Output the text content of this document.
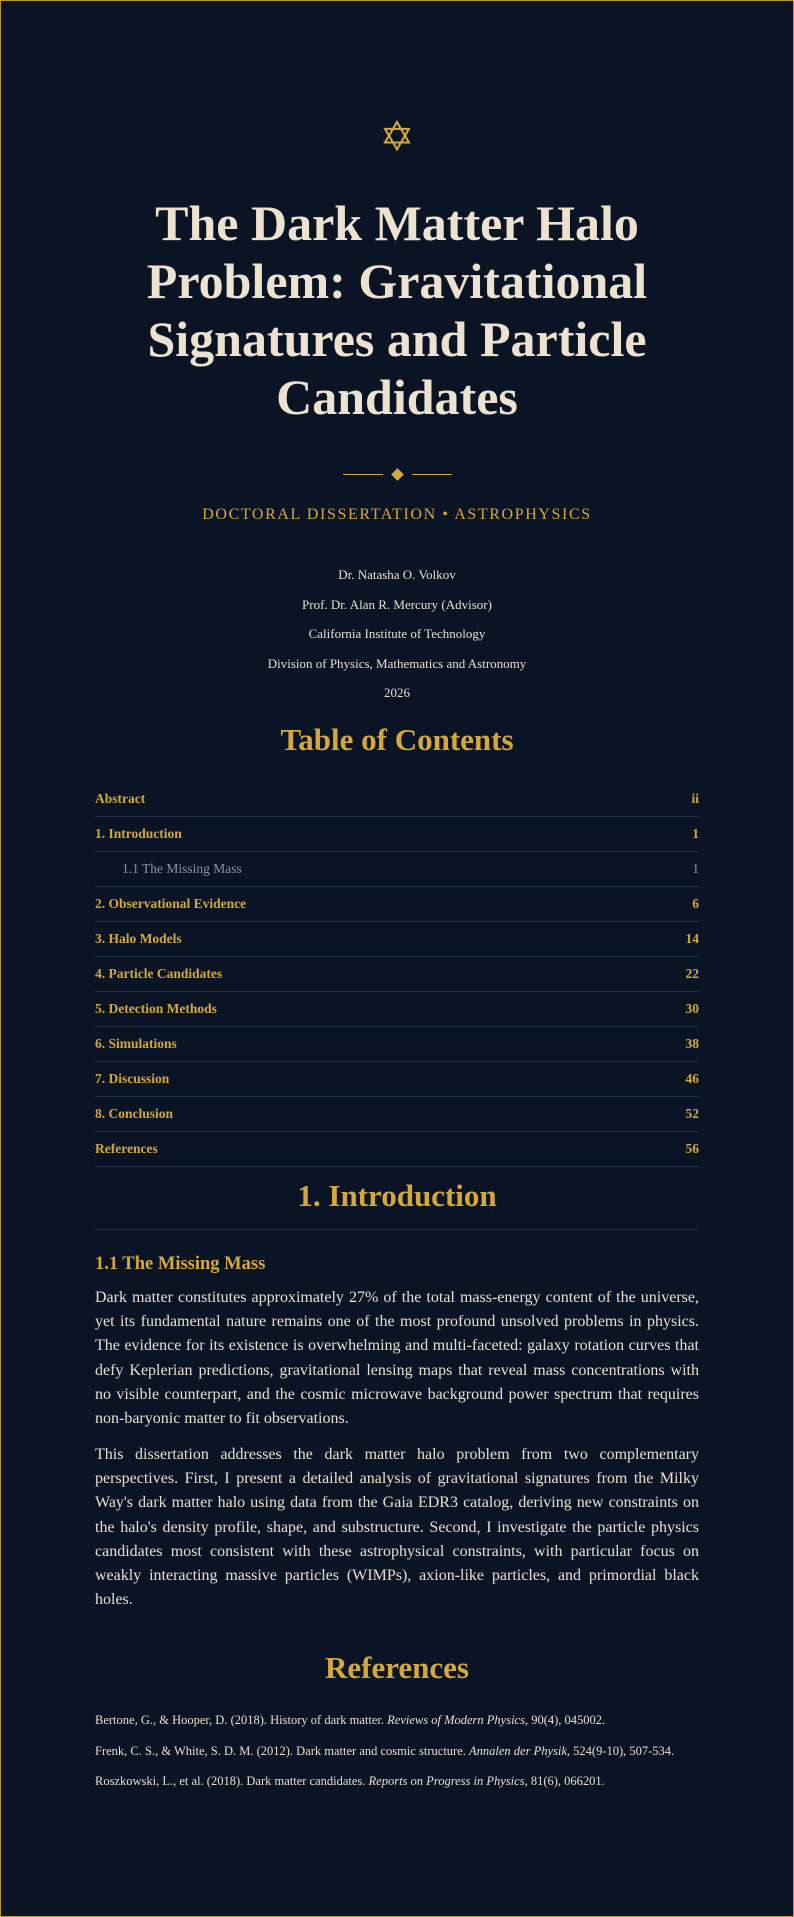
✡
The Dark Matter Halo Problem: Gravitational Signatures and Particle Candidates
DOCTORAL DISSERTATION • ASTROPHYSICS
Dr. Natasha O. Volkov
Prof. Dr. Alan R. Mercury (Advisor)
California Institute of Technology
Division of Physics, Mathematics and Astronomy
2026
Table of Contents
Abstract	ii
1. Introduction	1
1.1 The Missing Mass	1
2. Observational Evidence	6
3. Halo Models	14
4. Particle Candidates	22
5. Detection Methods	30
6. Simulations	38
7. Discussion	46
8. Conclusion	52
References	56
1. Introduction
1.1 The Missing Mass

Dark matter constitutes approximately 27% of the total mass-energy content of the universe, yet its fundamental nature remains one of the most profound unsolved problems in physics. The evidence for its existence is overwhelming and multi-faceted: galaxy rotation curves that defy Keplerian predictions, gravitational lensing maps that reveal mass concentrations with no visible counterpart, and the cosmic microwave background power spectrum that requires non-baryonic matter to fit observations.

This dissertation addresses the dark matter halo problem from two complementary perspectives. First, I present a detailed analysis of gravitational signatures from the Milky Way's dark matter halo using data from the Gaia EDR3 catalog, deriving new constraints on the halo's density profile, shape, and substructure. Second, I investigate the particle physics candidates most consistent with these astrophysical constraints, with particular focus on weakly interacting massive particles (WIMPs), axion-like particles, and primordial black holes.

References
Bertone, G., & Hooper, D. (2018). History of dark matter. Reviews of Modern Physics, 90(4), 045002.
Frenk, C. S., & White, S. D. M. (2012). Dark matter and cosmic structure. Annalen der Physik, 524(9-10), 507-534.
Roszkowski, L., et al. (2018). Dark matter candidates. Reports on Progress in Physics, 81(6), 066201.
